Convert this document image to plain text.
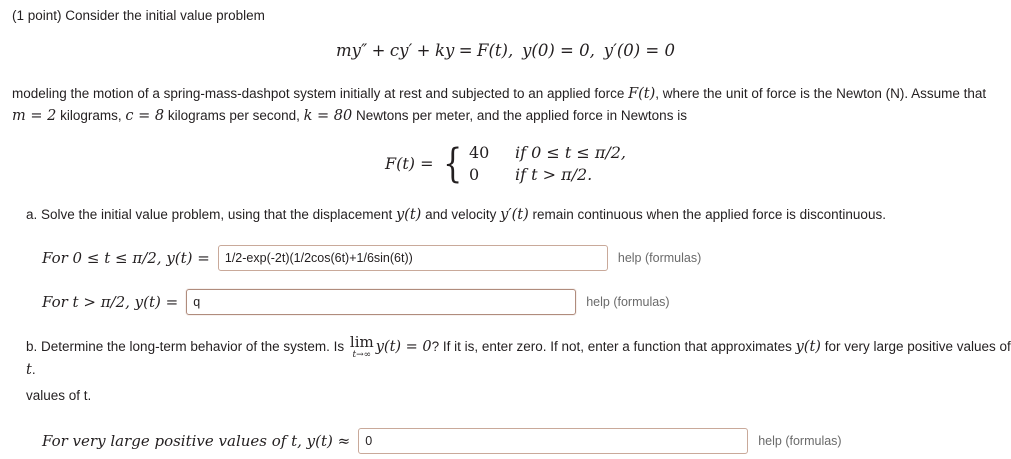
(1 point) Consider the initial value problem
my″ + cy′ + ky = F(t), y(0) = 0, y′(0) = 0
modeling the motion of a spring-mass-dashpot system initially at rest and subjected to an applied force F(t), where the unit of force is the Newton (N). Assume that m = 2 kilograms, c = 8 kilograms per second, k = 80 Newtons per meter, and the applied force in Newtons is
F(t) = { 40	if 0 ≤ t ≤ π/2,
0	if t > π/2.
a. Solve the initial value problem, using that the displacement y(t) and velocity y′(t) remain continuous when the applied force is discontinuous.
For 0 ≤ t ≤ π/2, y(t) =
1/2-exp(-2t)(1/2cos(6t)+1/6sin(6t))	help (formulas)
For t > π/2, y(t) =
q	help (formulas)
b. Determine the long-term behavior of the system. Is lim
t→∞ y(t) = 0? If it is, enter zero. If not, enter a function that approximates y(t) for very large positive values of t.
values of t.
For very large positive values of t, y(t) ≈
0	help (formulas)
